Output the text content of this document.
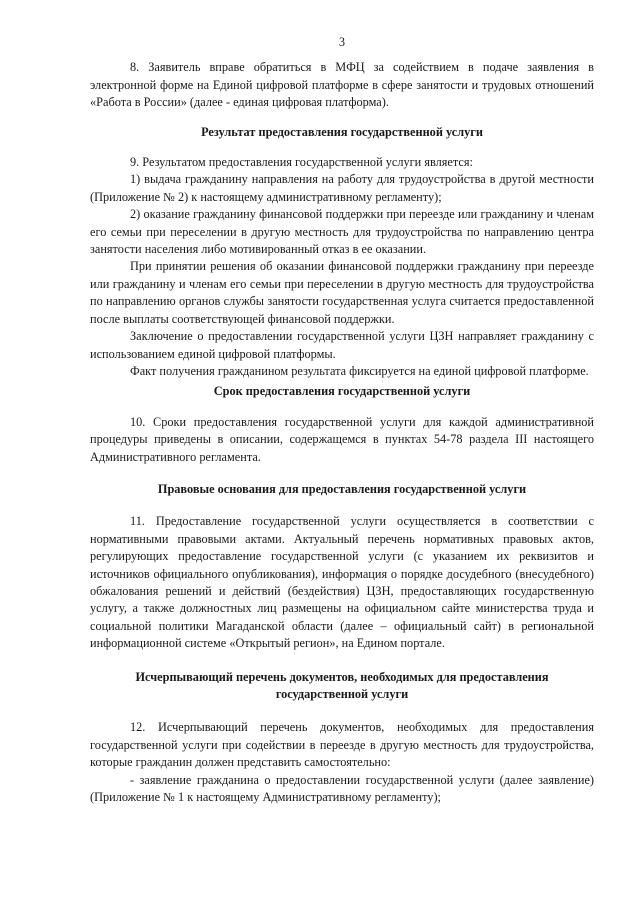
3

8. Заявитель вправе обратиться в МФЦ за содействием в подаче заявления в электронной форме на Единой цифровой платформе в сфере занятости и трудовых отношений «Работа в России» (далее - единая цифровая платформа).

Результат предоставления государственной услуги

9. Результатом предоставления государственной услуги является:

1) выдача гражданину направления на работу для трудоустройства в другой местности (Приложение № 2) к настоящему административному регламенту);

2) оказание гражданину финансовой поддержки при переезде или гражданину и членам его семьи при переселении в другую местность для трудоустройства по направлению центра занятости населения либо мотивированный отказ в ее оказании.

При принятии решения об оказании финансовой поддержки гражданину при переезде или гражданину и членам его семьи при переселении в другую местность для трудоустройства по направлению органов службы занятости государственная услуга считается предоставленной после выплаты соответствующей финансовой поддержки.

Заключение о предоставлении государственной услуги ЦЗН направляет гражданину с использованием единой цифровой платформы.

Факт получения гражданином результата фиксируется на единой цифровой платформе.

Срок предоставления государственной услуги

10. Сроки предоставления государственной услуги для каждой административной процедуры приведены в описании, содержащемся в пунктах 54-78 раздела III настоящего Административного регламента.

Правовые основания для предоставления государственной услуги

11. Предоставление государственной услуги осуществляется в соответствии с нормативными правовыми актами. Актуальный перечень нормативных правовых актов, регулирующих предоставление государственной услуги (с указанием их реквизитов и источников официального опубликования), информация о порядке досудебного (внесудебного) обжалования решений и действий (бездействия) ЦЗН, предоставляющих государственную услугу, а также должностных лиц размещены на официальном сайте министерства труда и социальной политики Магаданской области (далее – официальный сайт) в региональной информационной системе «Открытый регион», на Едином портале.

Исчерпывающий перечень документов, необходимых для предоставления государственной услуги

12. Исчерпывающий перечень документов, необходимых для предоставления государственной услуги при содействии в переезде в другую местность для трудоустройства, которые гражданин должен представить самостоятельно:

- заявление гражданина о предоставлении государственной услуги (далее заявление) (Приложение № 1 к настоящему Административному регламенту);
